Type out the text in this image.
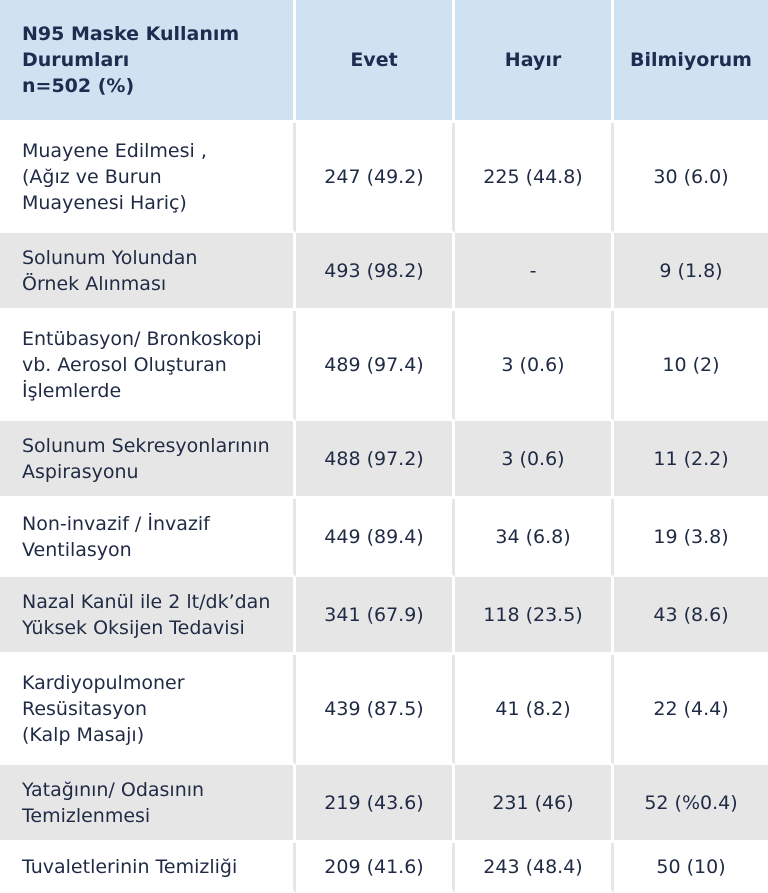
N95 Maske Kullanım
Durumları
n=502 (%)	Evet	Hayır	Bilmiyorum

Muayene Edilmesi ,
(Ağız ve Burun
Muayenesi Hariç)	247 (49.2)	225 (44.8)	30 (6.0)

Solunum Yolundan
Örnek Alınması	493 (98.2)	-	9 (1.8)

Entübasyon/ Bronkoskopi
vb. Aerosol Oluşturan
İşlemlerde	489 (97.4)	3 (0.6)	10 (2)

Solunum Sekresyonlarının
Aspirasyonu	488 (97.2)	3 (0.6)	11 (2.2)

Non-invazif / İnvazif
Ventilasyon	449 (89.4)	34 (6.8)	19 (3.8)

Nazal Kanül ile 2 lt/dk’dan
Yüksek Oksijen Tedavisi	341 (67.9)	118 (23.5)	43 (8.6)

Kardiyopulmoner
Resüsitasyon
(Kalp Masajı)	439 (87.5)	41 (8.2)	22 (4.4)

Yatağının/ Odasının
Temizlenmesi	219 (43.6)	231 (46)	52 (%0.4)

Tuvaletlerinin Temizliği	209 (41.6)	243 (48.4)	50 (10)
